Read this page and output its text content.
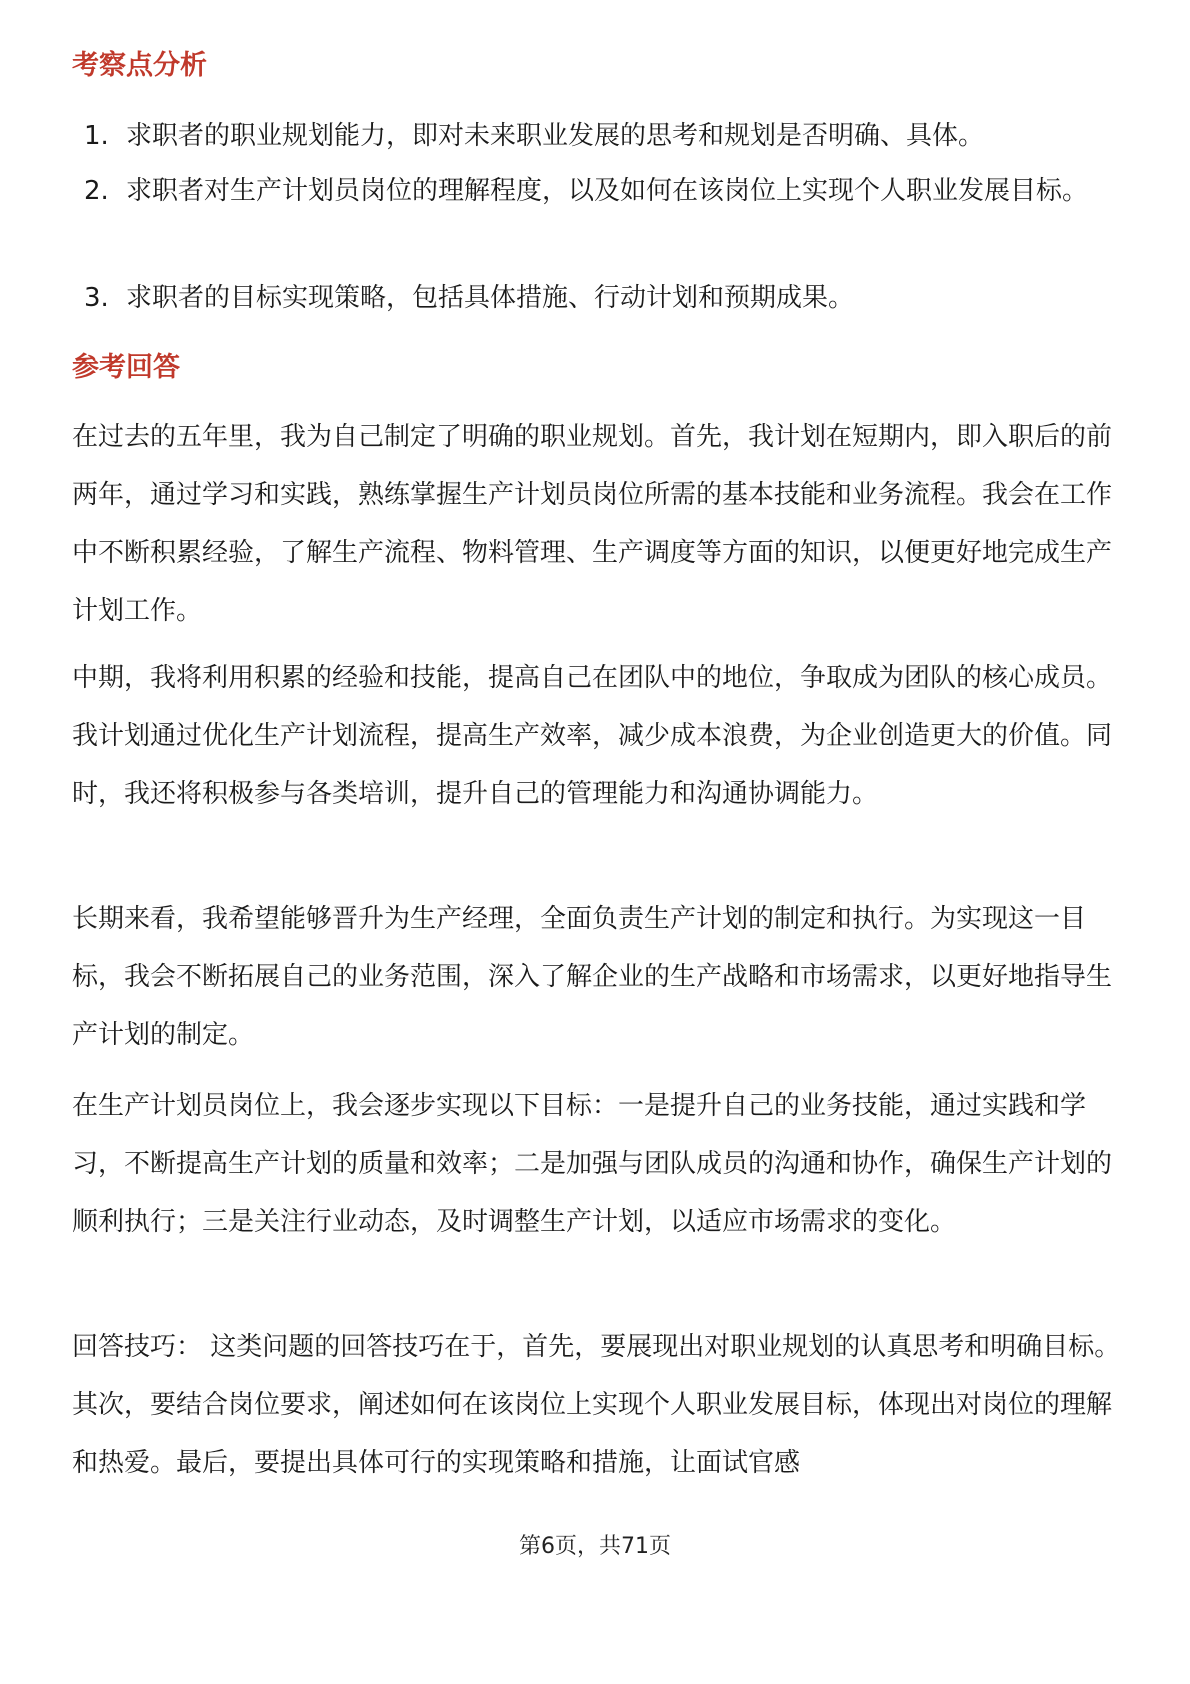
考察点分析
1. 求职者的职业规划能力，即对未来职业发展的思考和规划是否明确、具体。
2. 求职者对生产计划员岗位的理解程度，以及如何在该岗位上实现个人职业发展目标。
3. 求职者的目标实现策略，包括具体措施、行动计划和预期成果。
参考回答

在过去的五年里，我为自己制定了明确的职业规划。首先，我计划在短期内，即入职后的前两年，通过学习和实践，熟练掌握生产计划员岗位所需的基本技能和业务流程。我会在工作中不断积累经验，了解生产流程、物料管理、生产调度等方面的知识，以便更好地完成生产计划工作。

中期，我将利用积累的经验和技能，提高自己在团队中的地位，争取成为团队的核心成员。我计划通过优化生产计划流程，提高生产效率，减少成本浪费，为企业创造更大的价值。同时，我还将积极参与各类培训，提升自己的管理能力和沟通协调能力。

长期来看，我希望能够晋升为生产经理，全面负责生产计划的制定和执行。为实现这一目标，我会不断拓展自己的业务范围，深入了解企业的生产战略和市场需求，以更好地指导生产计划的制定。

在生产计划员岗位上，我会逐步实现以下目标：一是提升自己的业务技能，通过实践和学习，不断提高生产计划的质量和效率；二是加强与团队成员的沟通和协作，确保生产计划的顺利执行；三是关注行业动态，及时调整生产计划，以适应市场需求的变化。

回答技巧： 这类问题的回答技巧在于，首先，要展现出对职业规划的认真思考和明确目标。其次，要结合岗位要求，阐述如何在该岗位上实现个人职业发展目标，体现出对岗位的理解和热爱。最后，要提出具体可行的实现策略和措施，让面试官感

第6页，共71页
